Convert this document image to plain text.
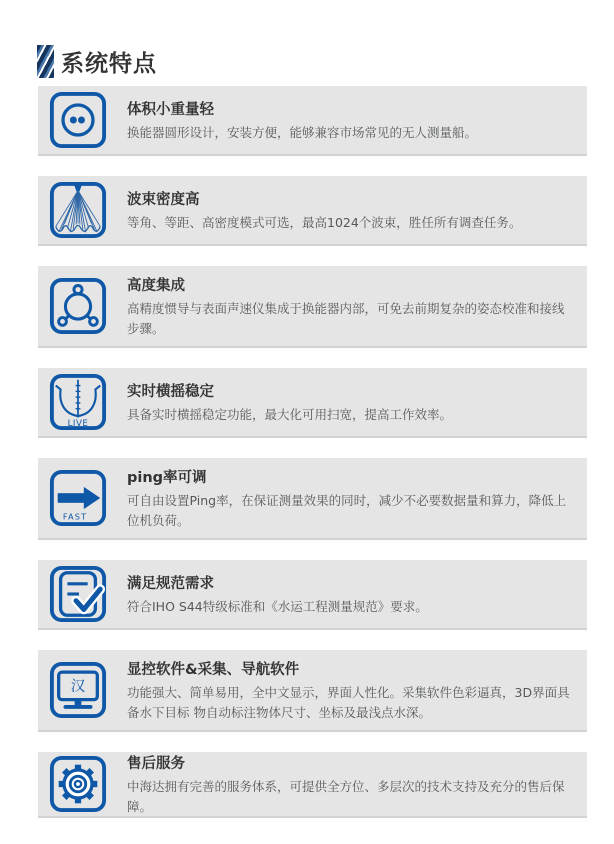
系统特点
体积小重量轻
换能器圆形设计，安装方便，能够兼容市场常见的无人测量船。
波束密度高
等角、等距、高密度模式可选，最高1024个波束，胜任所有调查任务。
高度集成
高精度惯导与表面声速仪集成于换能器内部，可免去前期复杂的姿态校准和接线步骤。
LIVE
实时横摇稳定
具备实时横摇稳定功能，最大化可用扫宽，提高工作效率。
FAST
ping率可调
可自由设置Ping率，在保证测量效果的同时，减少不必要数据量和算力，降低上位机负荷。
满足规范需求
符合IHO S44特级标准和《水运工程测量规范》要求。
汉
显控软件&采集、导航软件
功能强大、简单易用，全中文显示，界面人性化。采集软件色彩逼真，3D界面具备水下目标 物自动标注物体尺寸、坐标及最浅点水深。
售后服务
中海达拥有完善的服务体系，可提供全方位、多层次的技术支持及充分的售后保障。
